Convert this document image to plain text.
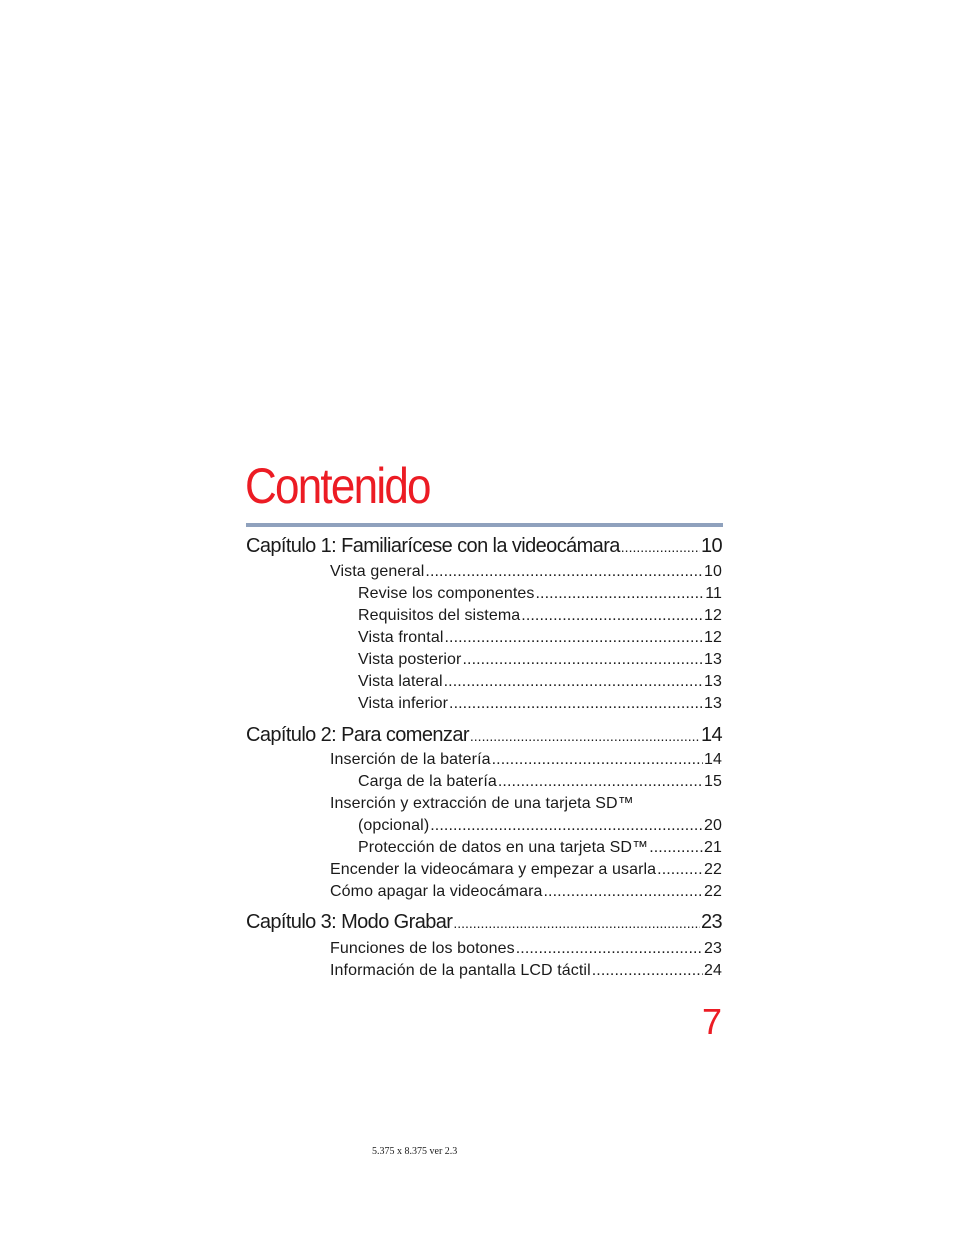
Contenido
Capítulo 1: Familiarícese con la videocámara .....	10
Vista general .....	10
Revise los componentes .....	11
Requisitos del sistema .....	12
Vista frontal .....	12
Vista posterior .....	13
Vista lateral .....	13
Vista inferior .....	13
Capítulo 2: Para comenzar .....	14
Inserción de la batería .....	14
Carga de la batería .....	15
Inserción y extracción de una tarjeta SD™
(opcional) .....	20
Protección de datos en una tarjeta SD™ .....	21
Encender la videocámara y empezar a usarla .....	22
Cómo apagar la videocámara .....	22
Capítulo 3: Modo Grabar .....	23
Funciones de los botones .....	23
Información de la pantalla LCD táctil .....	24
7
5.375 x 8.375 ver 2.3
